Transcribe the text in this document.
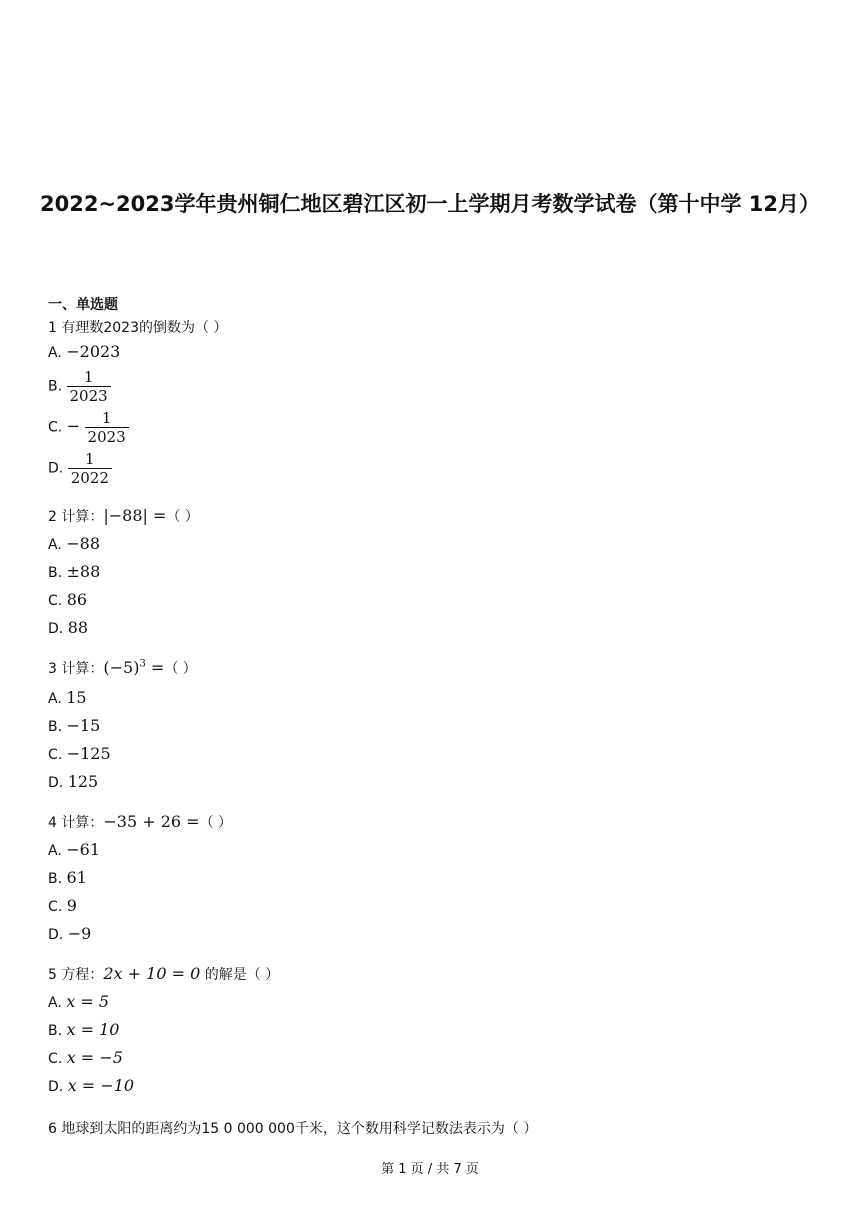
2022~2023学年贵州铜仁地区碧江区初一上学期月考数学试卷（第十中学 12月）
一、单选题
1 有理数2023的倒数为（ ）
A. −2023
B. $\frac{1}{2023}$
C. − $\frac{1}{2023}$
D. $\frac{1}{2022}$
2 计算：|−88| =（ ）
A. −88
B. ±88
C. 86
D. 88
3 计算：$(-5)^3$ =（ ）
A. 15
B. −15
C. −125
D. 125
4 计算：−35 + 26 =（ ）
A. −61
B. 61
C. 9
D. −9
5 方程：2x + 10 = 0 的解是（ ）
A. x = 5
B. x = 10
C. x = −5
D. x = −10
6 地球到太阳的距离约为15 0 000 000千米，这个数用科学记数法表示为（ ）
第 1 页 / 共 7 页
